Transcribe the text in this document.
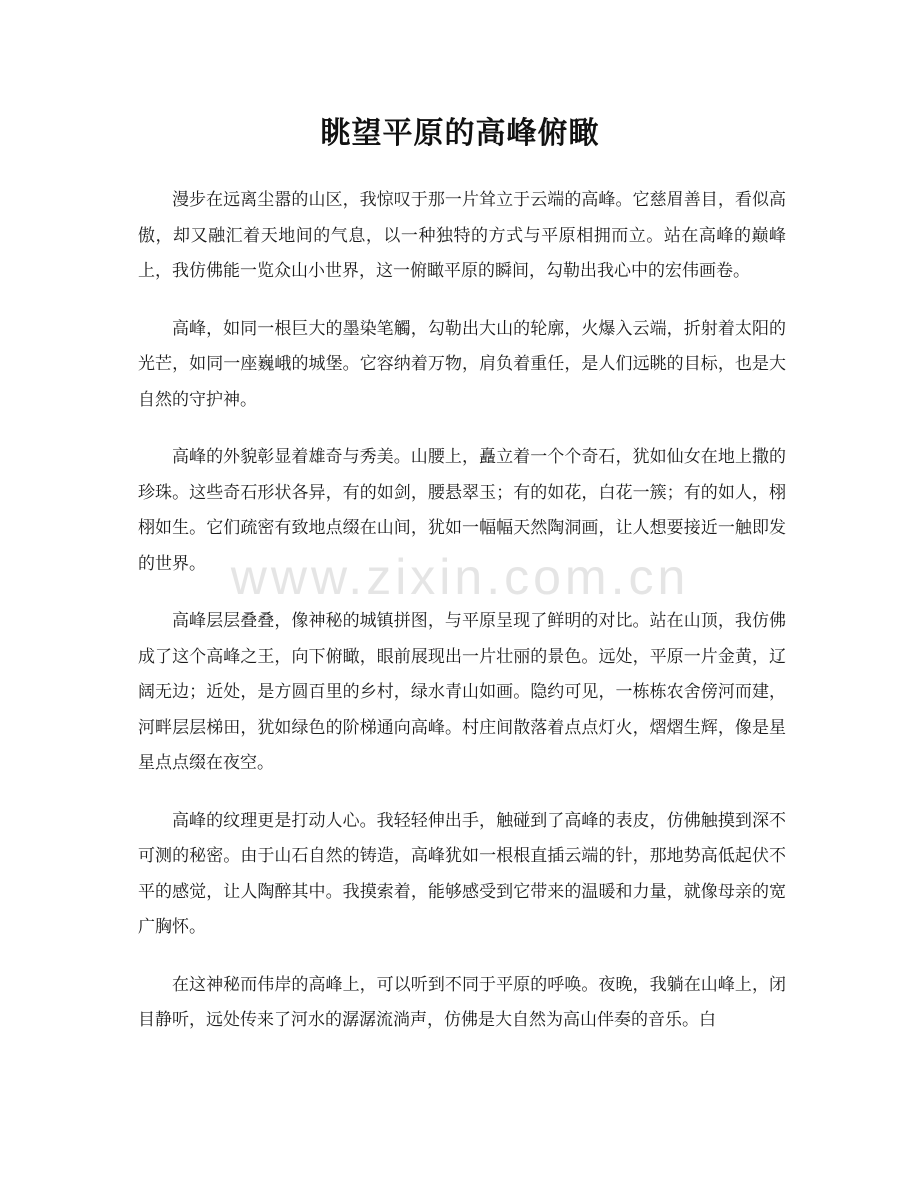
眺望平原的高峰俯瞰

漫步在远离尘嚣的山区，我惊叹于那一片耸立于云端的高峰。它慈眉善目，看似高傲，却又融汇着天地间的气息，以一种独特的方式与平原相拥而立。站在高峰的巅峰上，我仿佛能一览众山小世界，这一俯瞰平原的瞬间，勾勒出我心中的宏伟画卷。

高峰，如同一根巨大的墨染笔觸，勾勒出大山的轮廓，火爆入云端，折射着太阳的光芒，如同一座巍峨的城堡。它容纳着万物，肩负着重任，是人们远眺的目标，也是大自然的守护神。

高峰的外貌彰显着雄奇与秀美。山腰上，矗立着一个个奇石，犹如仙女在地上撒的珍珠。这些奇石形状各异，有的如剑，腰悬翠玉；有的如花，白花一簇；有的如人，栩栩如生。它们疏密有致地点缀在山间，犹如一幅幅天然陶洞画，让人想要接近一触即发的世界。

高峰层层叠叠，像神秘的城镇拼图，与平原呈现了鲜明的对比。站在山顶，我仿佛成了这个高峰之王，向下俯瞰，眼前展现出一片壮丽的景色。远处，平原一片金黄，辽阔无边；近处，是方圆百里的乡村，绿水青山如画。隐约可见，一栋栋农舍傍河而建，河畔层层梯田，犹如绿色的阶梯通向高峰。村庄间散落着点点灯火，熠熠生辉，像是星星点点缀在夜空。

高峰的纹理更是打动人心。我轻轻伸出手，触碰到了高峰的表皮，仿佛触摸到深不可测的秘密。由于山石自然的铸造，高峰犹如一根根直插云端的针，那地势高低起伏不平的感觉，让人陶醉其中。我摸索着，能够感受到它带来的温暖和力量，就像母亲的宽广胸怀。

在这神秘而伟岸的高峰上，可以听到不同于平原的呼唤。夜晚，我躺在山峰上，闭目静听，远处传来了河水的潺潺流淌声，仿佛是大自然为高山伴奏的音乐。白

www.zixin.com.cn
